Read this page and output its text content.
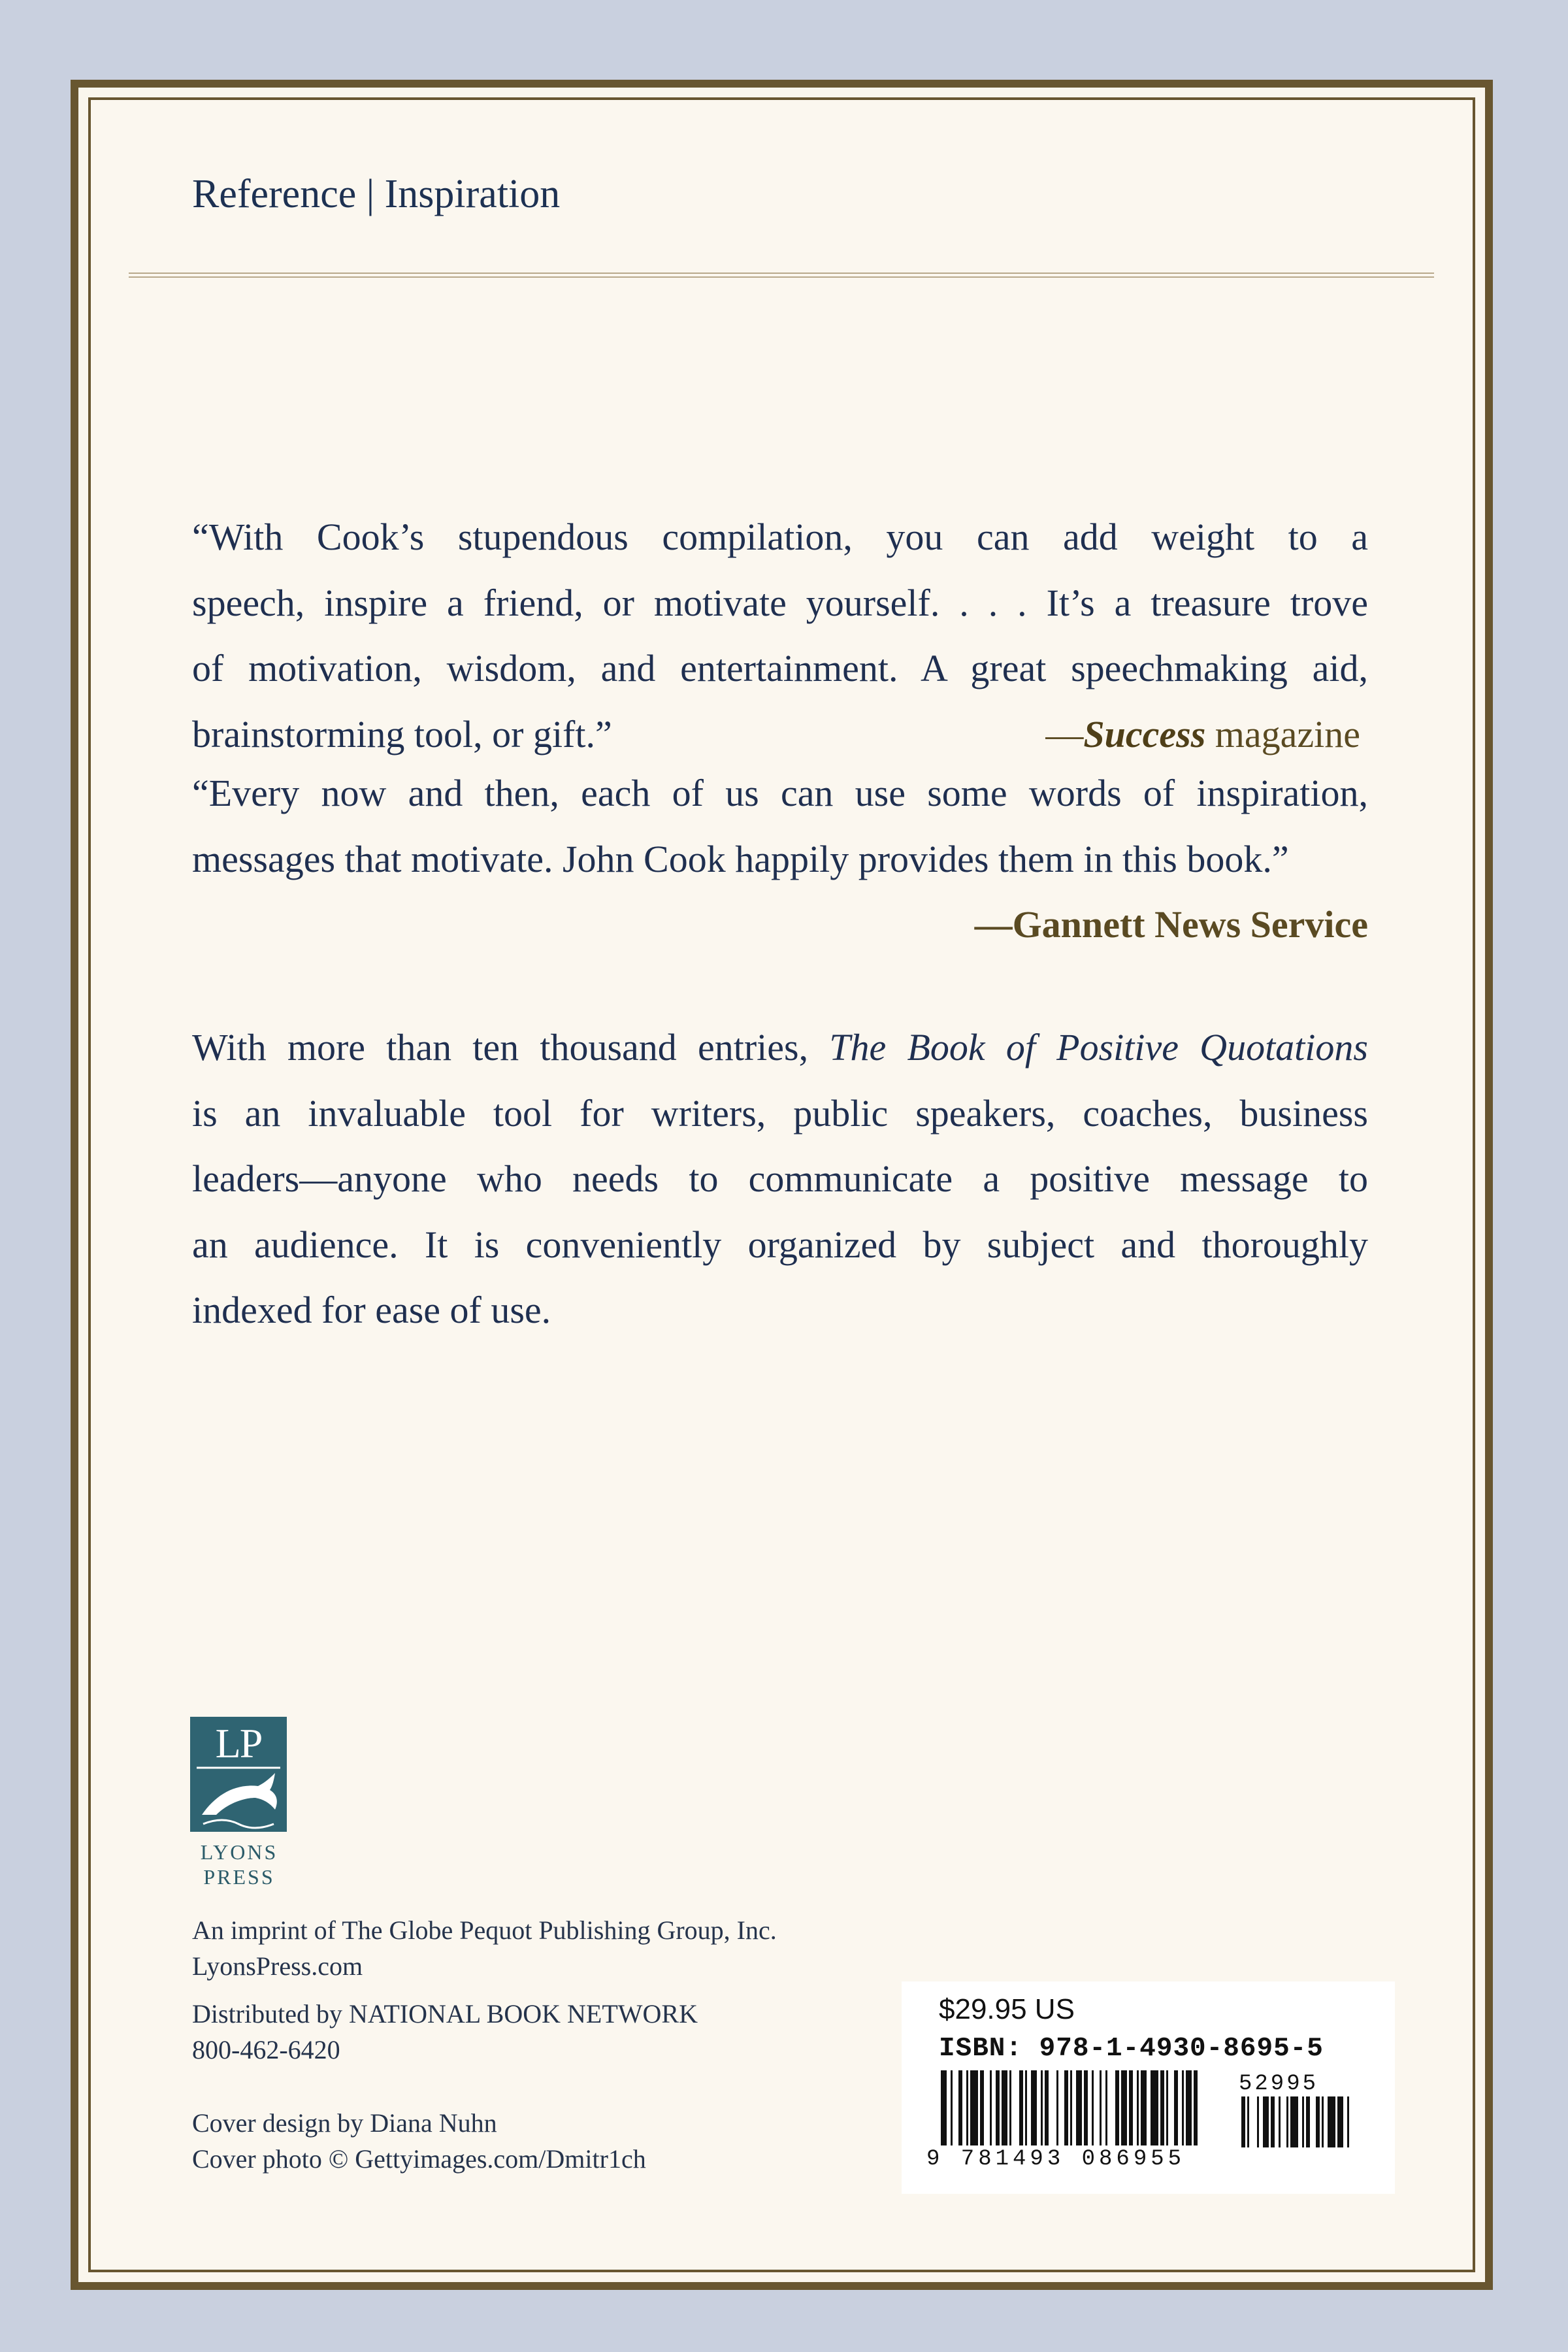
Reference | Inspiration
“With Cook’s stupendous compilation, you can add weight to a
speech, inspire a friend, or motivate yourself. . . . It’s a treasure trove
of motivation, wisdom, and entertainment. A great speechmaking aid,
brainstorming tool, or gift.”	—Success magazine
“Every now and then, each of us can use some words of inspiration,
messages that motivate. John Cook happily provides them in this book.”
—Gannett News Service
With more than ten thousand entries, The Book of Positive Quotations
is an invaluable tool for writers, public speakers, coaches, business
leaders—anyone who needs to communicate a positive message to
an audience. It is conveniently organized by subject and thoroughly
indexed for ease of use.
LP
LYONS
PRESS
An imprint of The Globe Pequot Publishing Group, Inc.
LyonsPress.com
Distributed by NATIONAL BOOK NETWORK
800-462-6420
Cover design by Diana Nuhn
Cover photo © Gettyimages.com/Dmitr1ch
$29.95 US
ISBN: 978-1-4930-8695-5
52995
9 781493 086955
